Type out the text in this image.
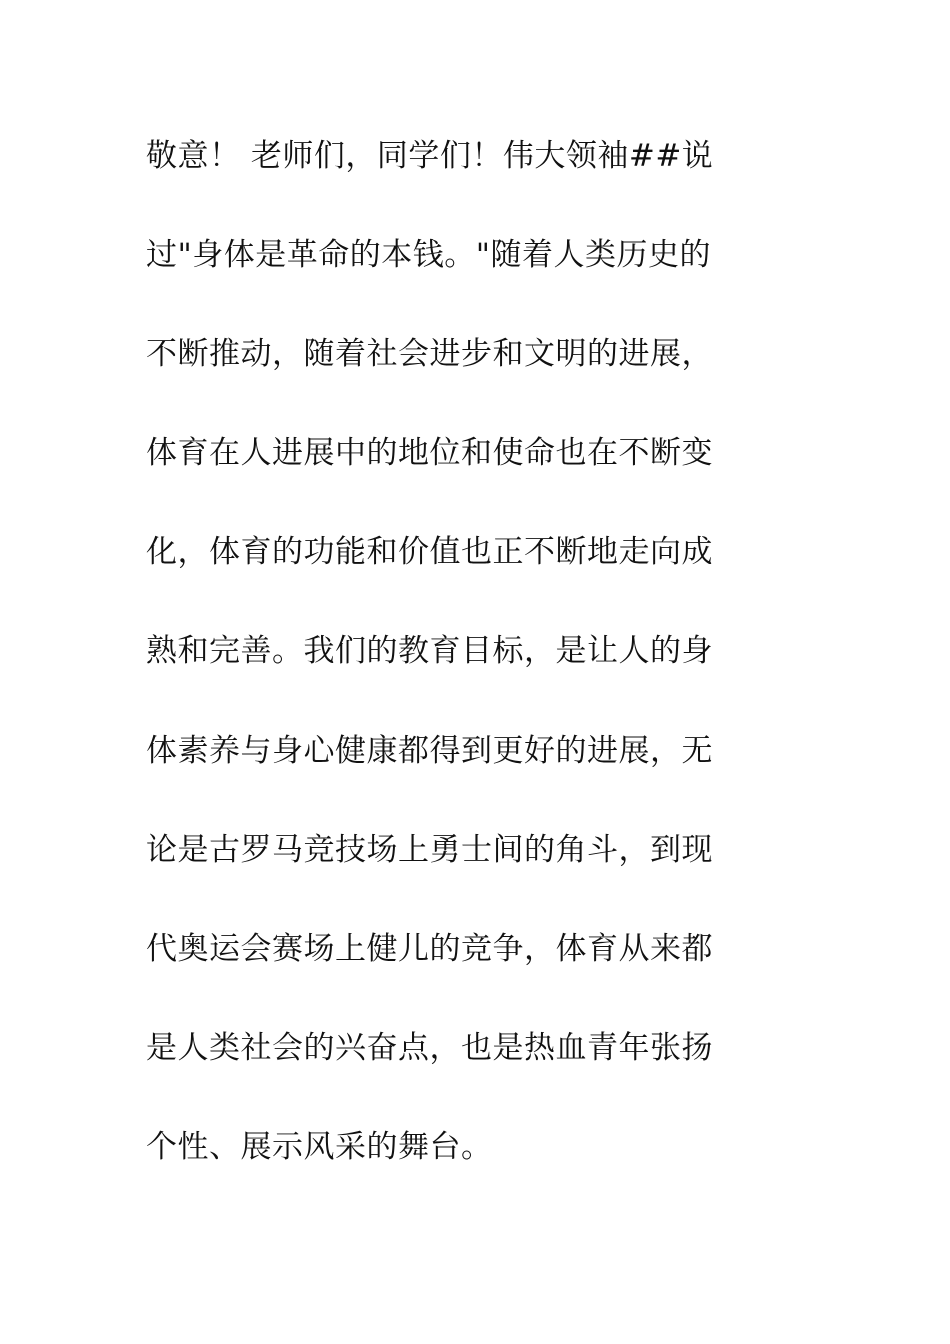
敬意！ 老师们，同学们！伟大领袖##说
过"身体是革命的本钱。"随着人类历史的
不断推动，随着社会进步和文明的进展，
体育在人进展中的地位和使命也在不断变
化，体育的功能和价值也正不断地走向成
熟和完善。我们的教育目标，是让人的身
体素养与身心健康都得到更好的进展，无
论是古罗马竞技场上勇士间的角斗，到现
代奥运会赛场上健儿的竞争，体育从来都
是人类社会的兴奋点，也是热血青年张扬
个性、展示风采的舞台。
